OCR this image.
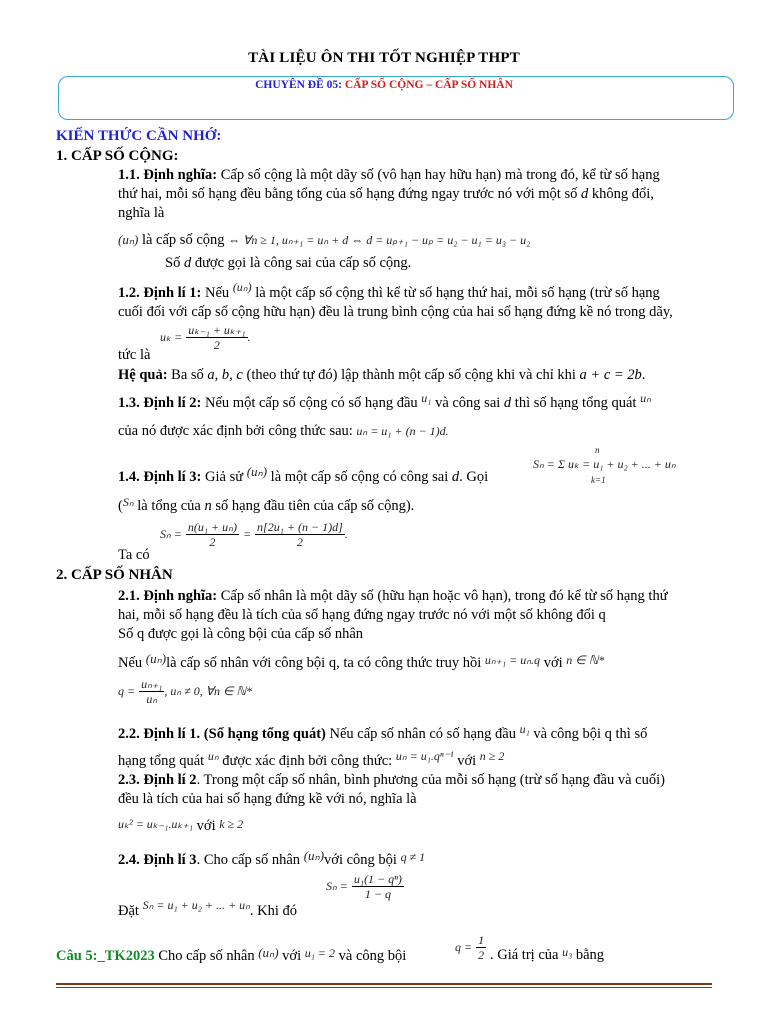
TÀI LIỆU ÔN THI TỐT NGHIỆP THPT
CHUYÊN ĐỀ 05: CẤP SỐ CỘNG – CẤP SỐ NHÂN
KIẾN THỨC CẦN NHỚ:
1. CẤP SỐ CỘNG:
1.1. Định nghĩa: Cấp số cộng là một dãy số (vô hạn hay hữu hạn) mà trong đó, kể từ số hạng
thứ hai, mỗi số hạng đều bằng tổng của số hạng đứng ngay trước nó với một số d không đổi,
nghĩa là
(uₙ) là cấp số cộng ⇔ ∀n ≥ 1, uₙ₊₁ = uₙ + d ⇔ d = uₚ₊₁ − uₚ = u₂ − u₁ = u₃ − u₂
Số d được gọi là công sai của cấp số cộng.
1.2. Định lí 1: Nếu $^{(u_n)}$ là một cấp số cộng thì kể từ số hạng thứ hai, mỗi số hạng (trừ số hạng
cuối đối với cấp số cộng hữu hạn) đều là trung bình cộng của hai số hạng đứng kề nó trong dãy,
tức là
$u_k = \frac{\text{uₖ₋₁ + uₖ₊₁}}{2}$ .
Hệ quả: Ba số a, b, c (theo thứ tự đó) lập thành một cấp số cộng khi và chỉ khi a + c = 2b.
1.3. Định lí 2: Nếu một cấp số cộng có số hạng đầu $^{u_1}$ và công sai d thì số hạng tổng quát $^{u_n}$
của nó được xác định bởi công thức sau: uₙ = u₁ + (n − 1)d.
1.4. Định lí 3: Giả sử (uₙ) là một cấp số cộng có công sai d. Gọi
n
k=1
Sₙ = Σ uₖ = u₁ + u₂ + ... + uₙ
($^{S_n}$ là tổng của n số hạng đầu tiên của cấp số cộng).
Ta có
$S_n = \frac{\text{n(u₁ + uₙ)}}{2} = \frac{\text{n[2u₁ + (n − 1)d]}}{2}$ .
2. CẤP SỐ NHÂN
2.1. Định nghĩa: Cấp số nhân là một dãy số (hữu hạn hoặc vô hạn), trong đó kể từ số hạng thứ
hai, mỗi số hạng đều là tích của số hạng đứng ngay trước nó với một số không đổi q
Số q được gọi là công bội của cấp số nhân
Nếu (uₙ)là cấp số nhân với công bội q, ta có công thức truy hồi $^{u_{n+1} = u_n.q}$ với $^{n \in ℕ*}$
$q = \frac{\text{uₙ₊₁}}{\text{uₙ}}$ , uₙ ≠ 0, ∀n ∈ ℕ*
2.2. Định lí 1. (Số hạng tổng quát) Nếu cấp số nhân có số hạng đầu $^{u_1}$ và công bội q thì số
hạng tổng quát $^{u_n}$ được xác định bởi công thức: $^{u_n = u_1.q^{n-1}}$ với $^{n \ge 2}$
2.3. Định lí 2. Trong một cấp số nhân, bình phương của mỗi số hạng (trừ số hạng đầu và cuối)
đều là tích của hai số hạng đứng kề với nó, nghĩa là
uₖ² = uₖ₋₁.uₖ₊₁ với k ≥ 2
2.4. Định lí 3. Cho cấp số nhân (uₙ)với công bội $^{q \ne 1}$
Đặt $^{S_n = u_1 + u_2 + ... + u_n}$. Khi đó
$S_n = \frac{\text{u₁(1 − qⁿ)}}{1 - q}$
Câu 5:_TK2023 Cho cấp số nhân (uₙ) với $^{u_1 = 2}$ và công bội
$q = \frac{1}{2}$ . Giá trị của $^{u_3}$ bằng
